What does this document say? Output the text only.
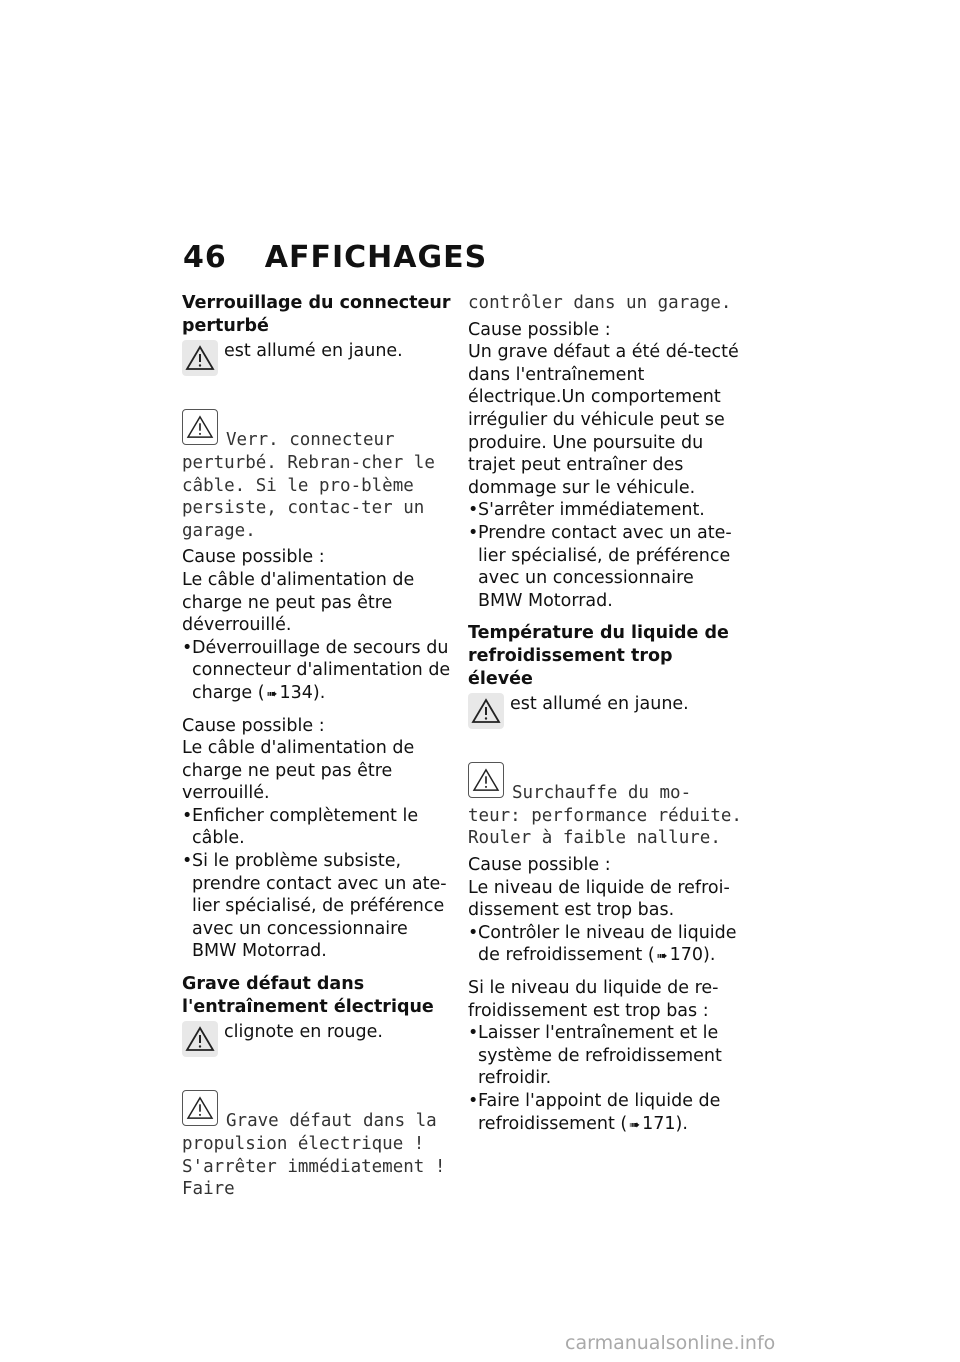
46 AFFICHAGES
Verrouillage du connecteur
perturbé
est allumé en jaune.

Verr. connecteur perturbé. Rebran-cher le câble. Si le pro-blème persiste, contac-ter un garage.

Cause possible :

Le câble d'alimentation de charge ne peut pas être déverrouillé.

• Déverrouillage de secours du connecteur d'alimentation de charge ( ➠ 134).

Cause possible :

Le câble d'alimentation de charge ne peut pas être verrouillé.

• Enficher complètement le câble.
• Si le problème subsiste, prendre contact avec un ate-lier spécialisé, de préférence avec un concessionnaire BMW Motorrad.
Grave défaut dans
l'entraînement électrique
clignote en rouge.

Grave défaut dans la propulsion électrique ! S'arrêter immédiatement ! Faire

contrôler dans un garage.

Cause possible :

Un grave défaut a été dé-tecté dans l'entraînement électrique.Un comportement irrégulier du véhicule peut se produire. Une poursuite du trajet peut entraîner des dommage sur le véhicule.

• S'arrêter immédiatement.
• Prendre contact avec un ate-lier spécialisé, de préférence avec un concessionnaire BMW Motorrad.
Température du liquide de
refroidissement trop élevée
est allumé en jaune.

Surchauffe du mo-teur: performance réduite. Rouler à faible nallure.

Cause possible :

Le niveau de liquide de refroi-dissement est trop bas.

• Contrôler le niveau de liquide de refroidissement ( ➠ 170).

Si le niveau du liquide de re-froidissement est trop bas :

• Laisser l'entraînement et le système de refroidissement refroidir.
• Faire l'appoint de liquide de refroidissement ( ➠ 171).
carmanualsonline.info
